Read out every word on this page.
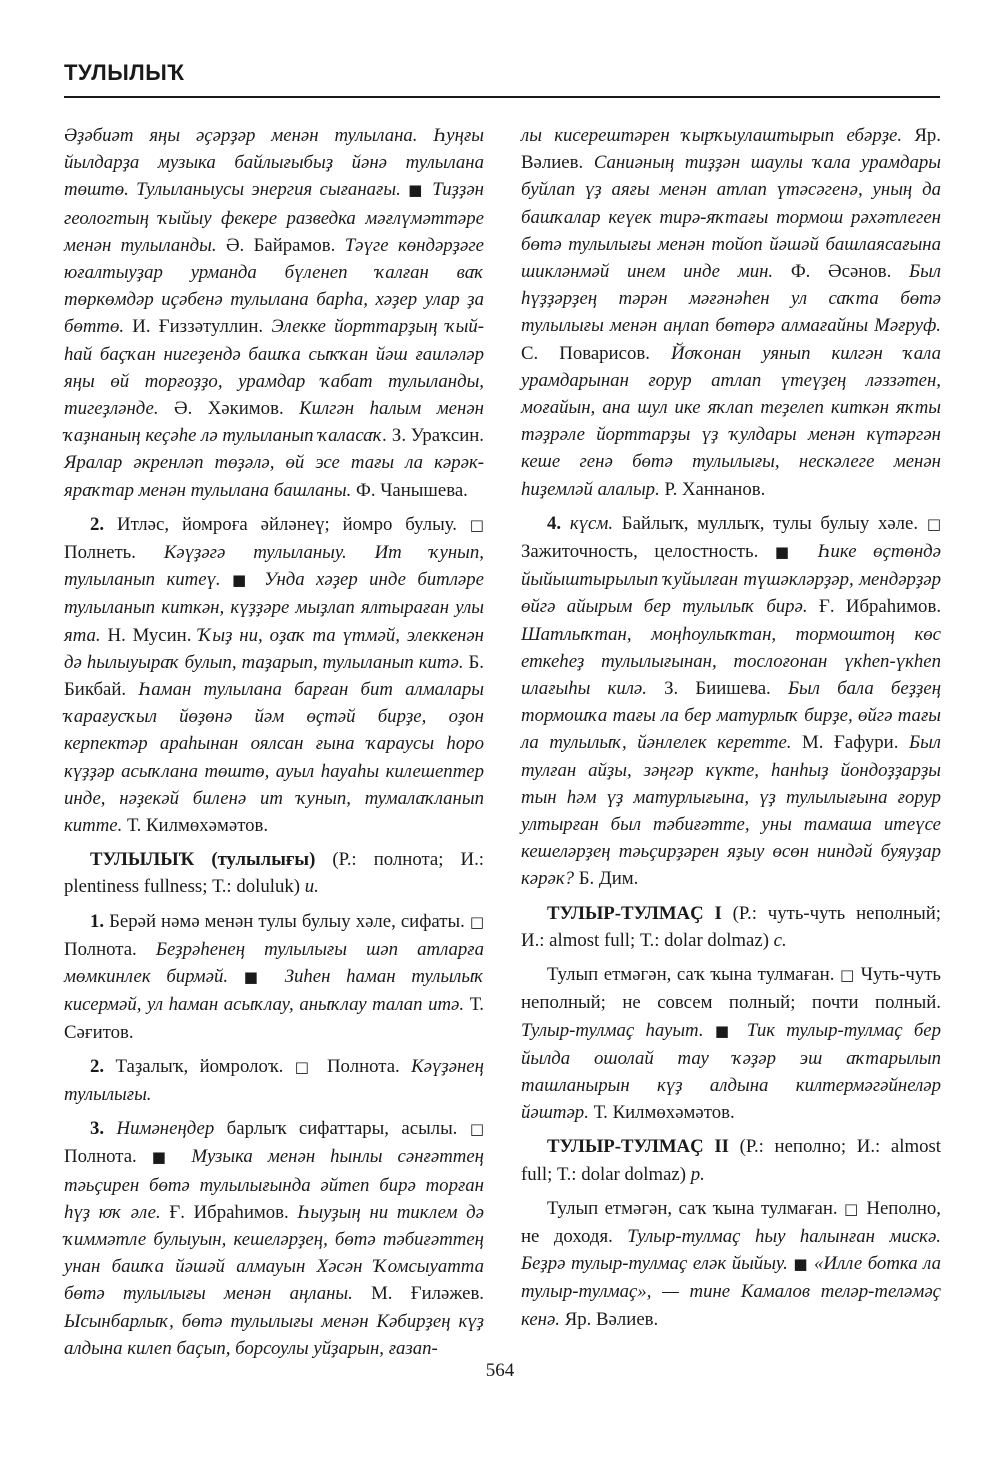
ТУЛЫЛЫҠ

Әҙәбиәт яңы әҫәрҙәр менән тулылана. Һуңғы йылдарҙа музыка байлығыбыҙ йәнә тулылана төштө. Тулыланыусы энергия сығанағы. ■ Тиҙҙән геологтың ҡыйыу фекере разведка мәғлүмәттәре менән тулыланды. Ә. Байрамов. Тәүге көндәрҙәге юғалтыуҙар урманда бүленеп ҡалған ваҡ төркөмдәр иҫәбенә тулылана барһа, хәҙер улар ҙа бөттө. И. Ғиззәтуллин. Элекке йорттарҙың ҡый-һай баҫҡан нигеҙендә башҡа сыҡҡан йәш ғаиләләр яңы өй торғоҙҙо, урамдар ҡабат тулыланды, тигеҙләнде. Ә. Хәкимов. Килгән һалым менән ҡаҙнаның кеҫәһе лә тулыланып ҡаласаҡ. З. Ураҡсин. Яралар әкренләп төҙәлә, өй эсе тағы ла кәрәк-яраҡтар менән тулылана башланы. Ф. Чанышева.

2. Итләс, йомроға әйләнеү; йомро булыу. □ Полнеть. Кәүҙәгә тулыланыу. Ит ҡунып, тулыланып китеү. ■ Унда хәҙер инде битләре тулыланып киткән, күҙҙәре мыҙлап ялтыраған улы ята. Н. Мусин. Ҡыҙ ни, оҙаҡ та үтмәй, элеккенән дә һылыуыраҡ булып, таҙарып, тулыланып китә. Б. Бикбай. Һаман тулылана барған бит алмалары ҡарағусҡыл йөҙөнә йәм өҫтәй бирҙе, оҙон керпектәр араһынан оялсан ғына ҡараусы һоро күҙҙәр асыҡлана төштө, ауыл һауаһы килешептер инде, нәҙекәй биленә ит ҡунып, тумалаҡланып китте. Т. Килмөхәмәтов.

ТУЛЫЛЫҠ (тулылығы) (Р.: полнота; И.: plentiness fullness; Т.: doluluk) и.

1. Берәй нәмә менән тулы булыу хәле, сифаты. □ Полнота. Беҙрәһенең тулылығы шәп атларға мөмкинлек бирмәй. ■ Зиһен һаман тулылыҡ кисермәй, ул һаман асыҡлау, аныҡлау талап итә. Т. Сәғитов.

2. Таҙалыҡ, йомролоҡ. □ Полнота. Кәүҙәнең тулылығы.

3. Нимәнеңдер барлыҡ сифаттары, асылы. □ Полнота. ■ Музыка менән һынлы сәнғәттең тәьҫирен бөтә тулылығында әйтеп бирә торған һүҙ юҡ әле. Ғ. Ибраһимов. Һыуҙың ни тиклем дә ҡиммәтле булыуын, кешеләрҙең, бөтә тәбиғәттең унан башҡа йәшәй алмауын Хәсән Ҡомсыуатта бөтә тулылығы менән аңланы. М. Ғиләжев. Ысынбарлыҡ, бөтә тулылығы менән Кәбирҙең күҙ алдына килеп баҫып, борсоулы уйҙарын, ғазап-

лы кисерештәрен ҡырҡыулаштырып ебәрҙе. Яр. Вәлиев. Саниәның тиҙҙән шаулы ҡала урамдары буйлап үҙ аяғы менән атлап үтәсәгенә, уның да башҡалар кеүек тирә-яҡтағы тормош рәхәтлеген бөтә тулылығы менән тойоп йәшәй башлаясағына шикләнмәй инем инде мин. Ф. Әсәнов. Был һүҙҙәрҙең тәрән мәғәнәһен ул саҡта бөтә тулылығы менән аңлап бөтөрә алмағайны Мәғруф. С. Поварисов. Йоҡонан уянып килгән ҡала урамдарынан ғорур атлап үтеүҙең ләззәтен, моғайын, ана шул ике яҡлап теҙелеп киткән яҡты тәҙрәле йорттарҙы үҙ ҡулдары менән күтәргән кеше генә бөтә тулылығы, нескәлеге менән һиҙемләй алалыр. Р. Ханнанов.

4. күсм. Байлыҡ, муллыҡ, тулы булыу хәле. □ Зажиточность, целостность. ■ Һике өҫтөндә йыйыштырылып ҡуйылған түшәкләрҙәр, мендәрҙәр өйгә айырым бер тулылыҡ бирә. Ғ. Ибраһимов. Шатлыҡтан, моңһоулыҡтан, тормоштоң көс еткеһеҙ тулылығынан, тослоғонан үкһеп-үкһеп илағыһы килә. З. Биишева. Был бала беҙҙең тормошҡа тағы ла бер матурлыҡ бирҙе, өйгә тағы ла тулылыҡ, йәнлелек керетте. М. Ғафури. Был тулған айҙы, зәңгәр күкте, һанһыҙ йондоҙҙарҙы тын һәм үҙ матурлығына, үҙ тулылығына ғорур ултырған был тәбиғәтте, уны тамаша итеүсе кешеләрҙең тәьҫирҙәрен яҙыу өсөн ниндәй буяуҙар кәрәк? Б. Дим.

ТУЛЫР-ТУЛМАҪ I (Р.: чуть-чуть неполный; И.: almost full; Т.: dolar dolmaz) с.

Тулып етмәгән, саҡ ҡына тулмаған. □ Чуть-чуть неполный; не совсем полный; почти полный. Тулыр-тулмаҫ һауыт. ■ Тик тулыр-тулмаҫ бер йылда ошолай тау ҡәҙәр эш аҡтарылып ташланырын күҙ алдына килтермәгәйнеләр йәштәр. Т. Килмөхәмәтов.

ТУЛЫР-ТУЛМАҪ II (Р.: неполно; И.: almost full; Т.: dolar dolmaz) р.

Тулып етмәгән, саҡ ҡына тулмаған. □ Неполно, не доходя. Тулыр-тулмаҫ һыу һалынған мискә. Беҙрә тулыр-тулмаҫ еләк йыйыу. ■ «Илле ботка ла тулыр-тулмаҫ», — тине Камалов теләр-теләмәҫ кенә. Яр. Вәлиев.

564
